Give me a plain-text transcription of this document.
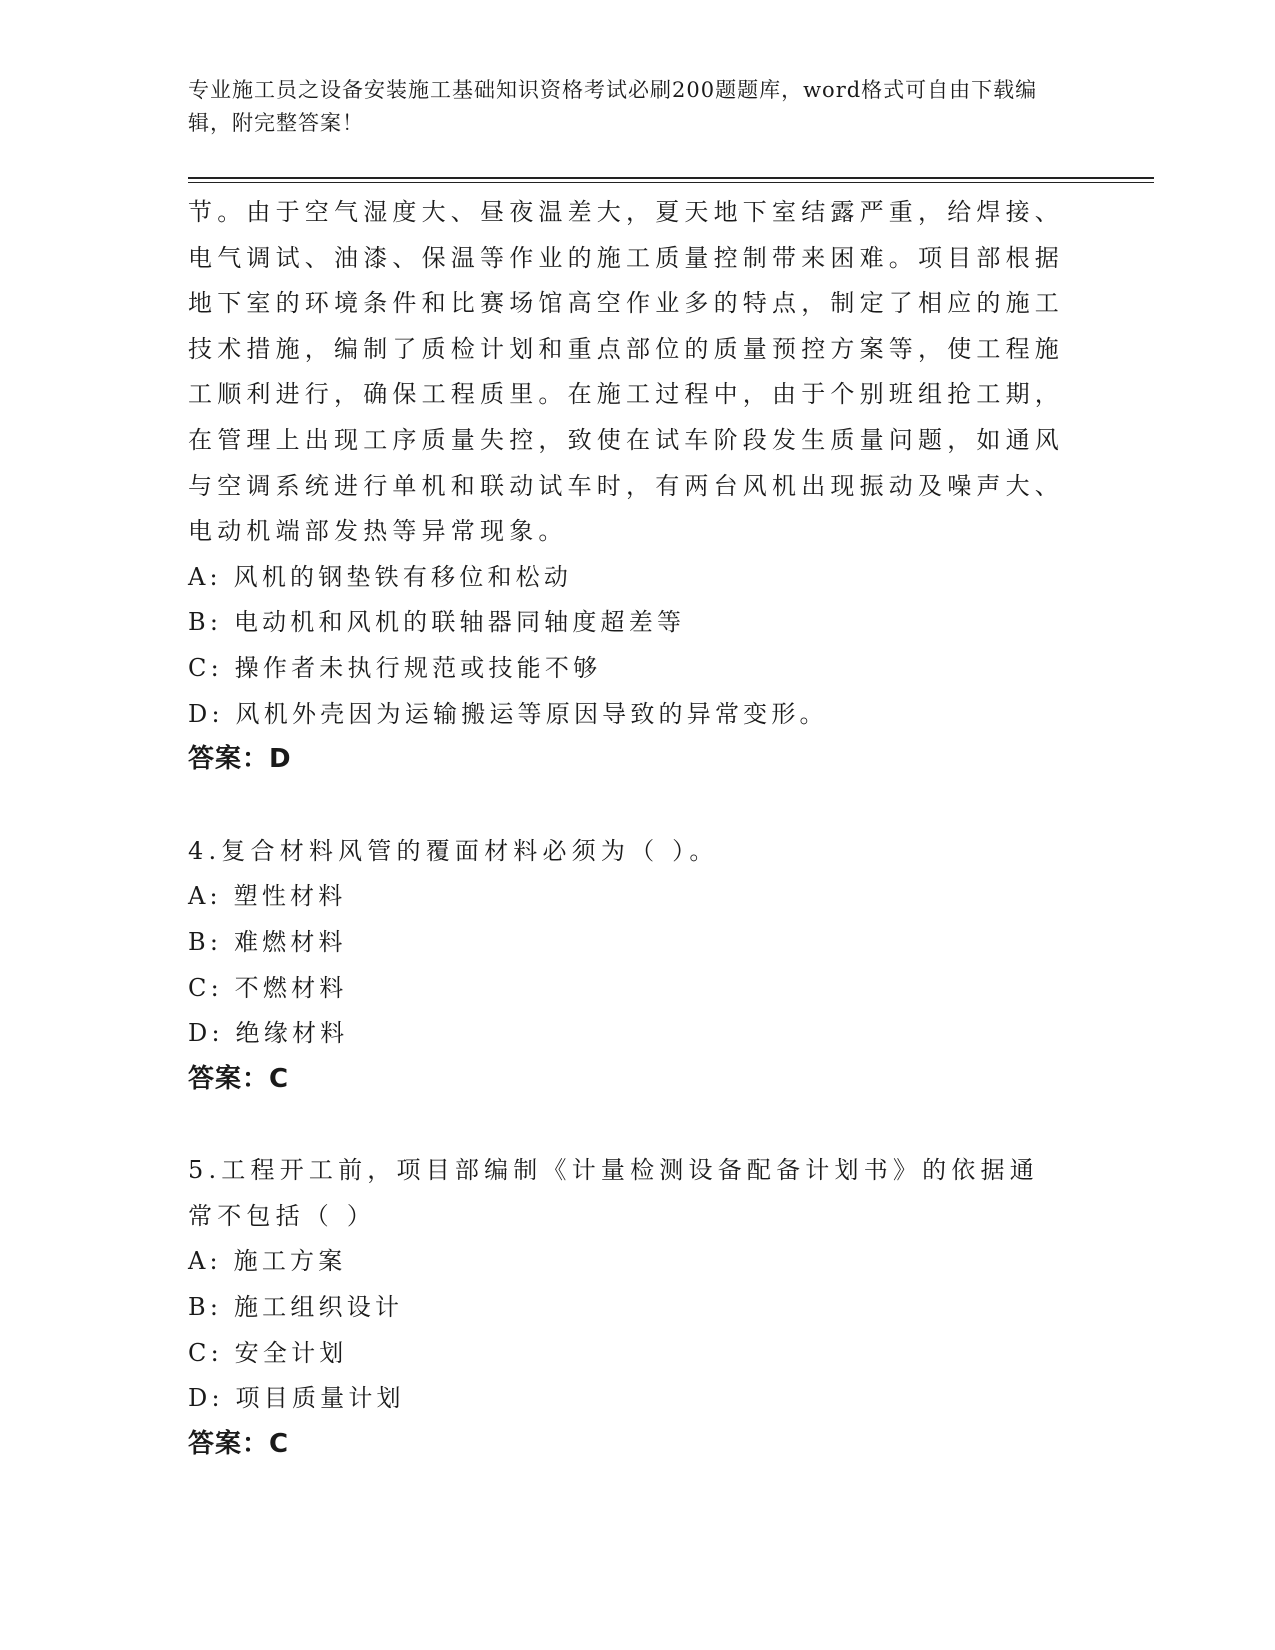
专业施工员之设备安装施工基础知识资格考试必刷200题题库，word格式可自由下载编辑，附完整答案！

节。由于空气湿度大、昼夜温差大，夏天地下室结露严重，给焊接、电气调试、油漆、保温等作业的施工质量控制带来困难。项目部根据地下室的环境条件和比赛场馆高空作业多的特点，制定了相应的施工技术措施，编制了质检计划和重点部位的质量预控方案等，使工程施工顺利进行，确保工程质里。在施工过程中，由于个别班组抢工期，在管理上出现工序质量失控，致使在试车阶段发生质量问题，如通风与空调系统进行单机和联动试车时，有两台风机出现振动及噪声大、电动机端部发热等异常现象。

A: 风机的钢垫铁有移位和松动

B: 电动机和风机的联轴器同轴度超差等

C: 操作者未执行规范或技能不够

D: 风机外壳因为运输搬运等原因导致的异常变形。

答案：D

4.复合材料风管的覆面材料必须为（ ）。

A: 塑性材料

B: 难燃材料

C: 不燃材料

D: 绝缘材料

答案：C

5.工程开工前，项目部编制《计量检测设备配备计划书》的依据通常不包括（ ）

A: 施工方案

B: 施工组织设计

C: 安全计划

D: 项目质量计划

答案：C
